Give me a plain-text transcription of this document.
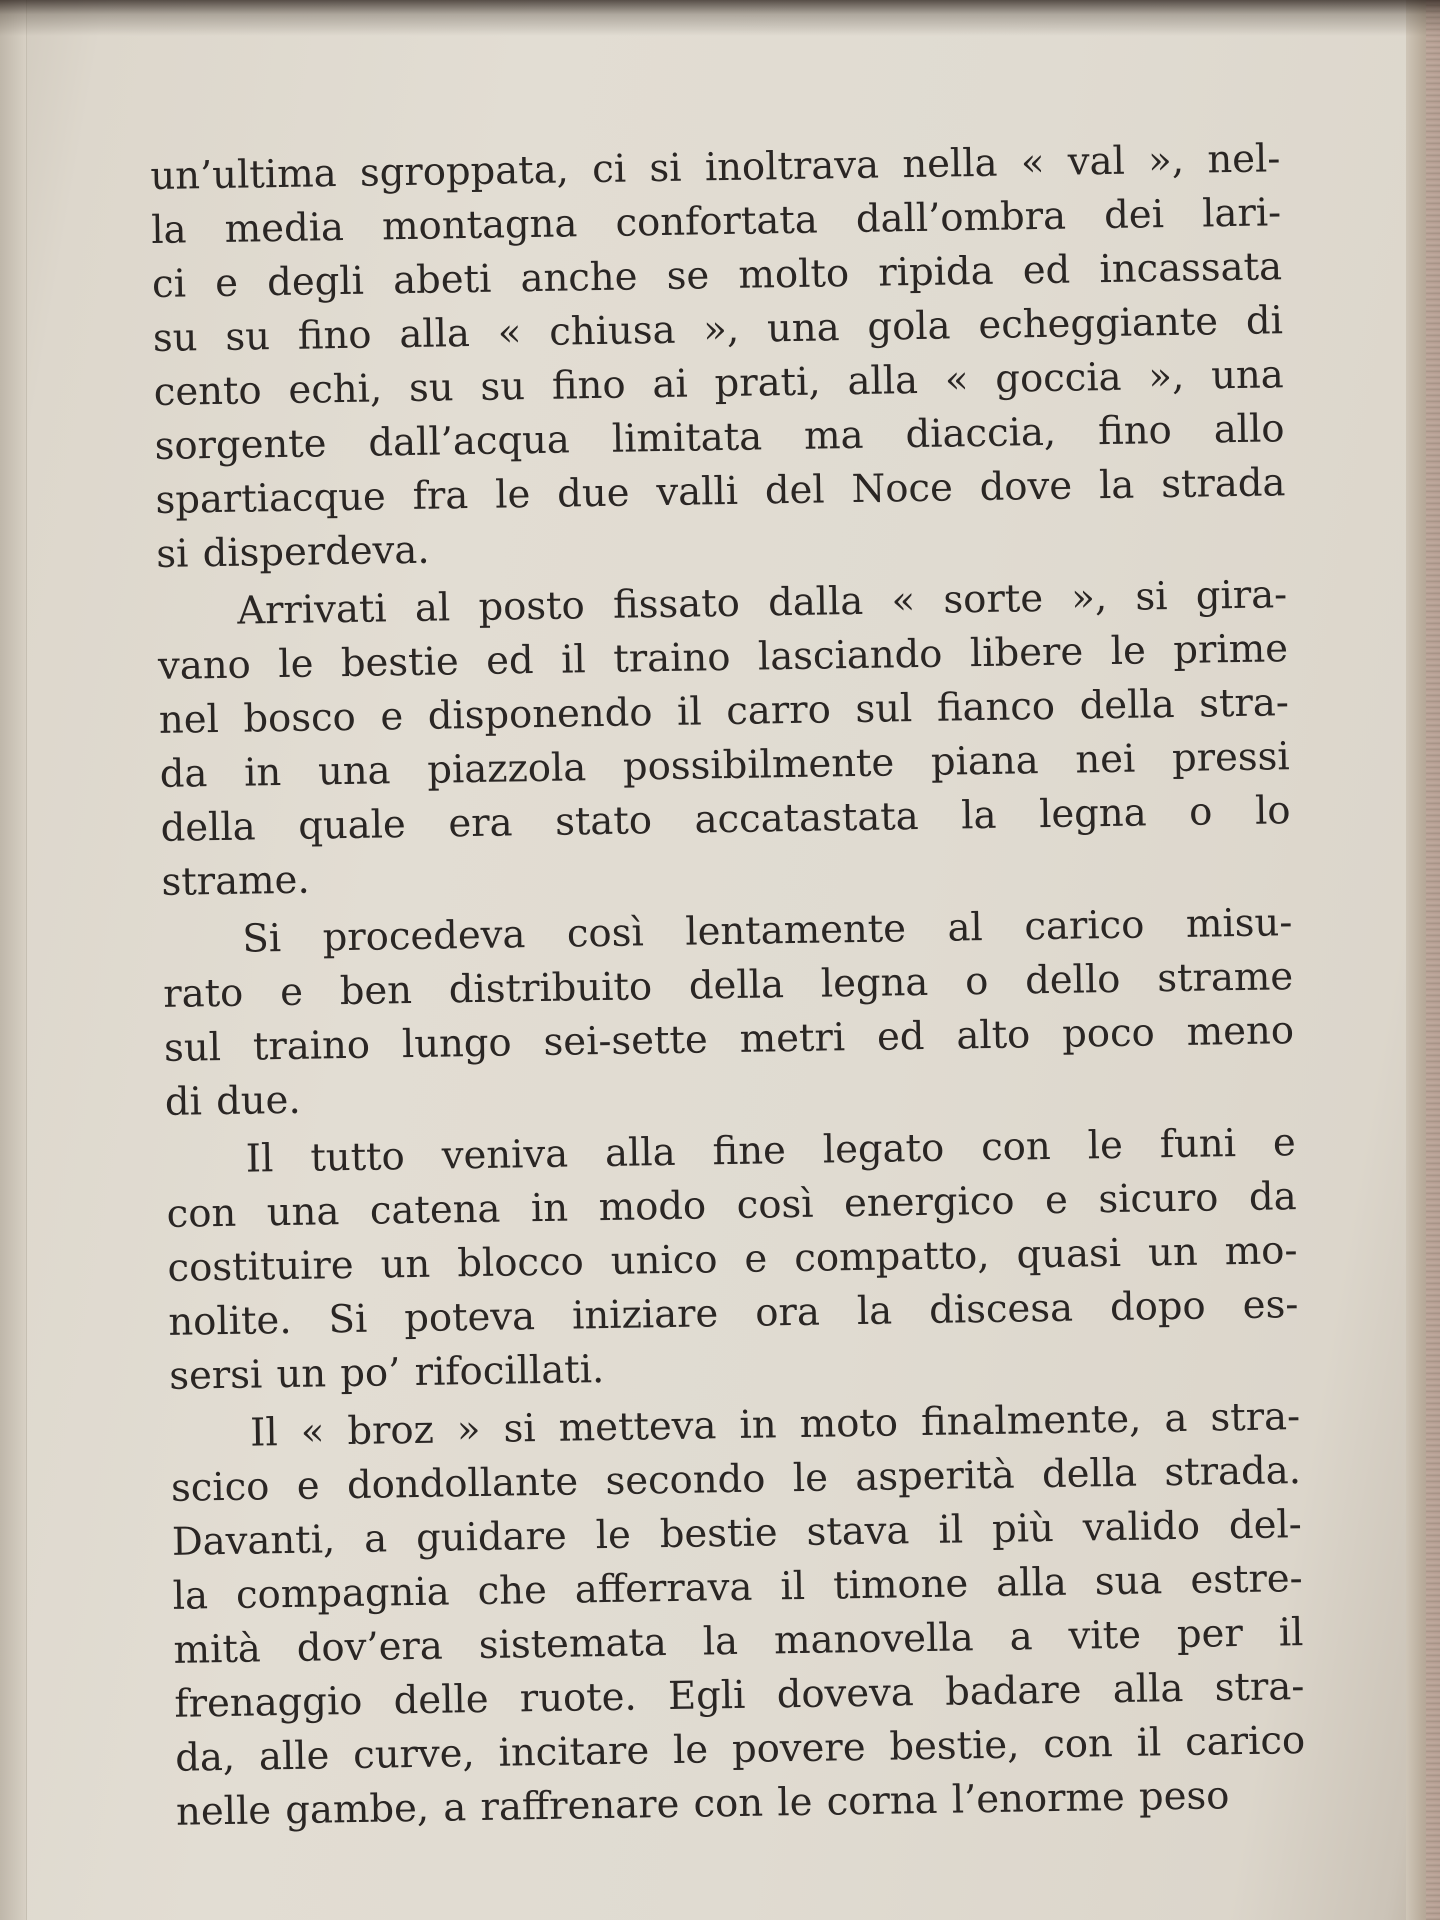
un’ultima sgroppata, ci si inoltrava nella « val », nel-
la media montagna confortata dall’ombra dei lari-
ci e degli abeti anche se molto ripida ed incassata
su su fino alla « chiusa », una gola echeggiante di
cento echi, su su fino ai prati, alla « goccia », una
sorgente dall’acqua limitata ma diaccia, fino allo
spartiacque fra le due valli del Noce dove la strada
si disperdeva.
Arrivati al posto fissato dalla « sorte », si gira-
vano le bestie ed il traino lasciando libere le prime
nel bosco e disponendo il carro sul fianco della stra-
da in una piazzola possibilmente piana nei pressi
della quale era stato accatastata la legna o lo
strame.
Si procedeva così lentamente al carico misu-
rato e ben distribuito della legna o dello strame
sul traino lungo sei-sette metri ed alto poco meno
di due.
Il tutto veniva alla fine legato con le funi e
con una catena in modo così energico e sicuro da
costituire un blocco unico e compatto, quasi un mo-
nolite. Si poteva iniziare ora la discesa dopo es-
sersi un po’ rifocillati.
Il « broz » si metteva in moto finalmente, a stra-
scico e dondollante secondo le asperità della strada.
Davanti, a guidare le bestie stava il più valido del-
la compagnia che afferrava il timone alla sua estre-
mità dov’era sistemata la manovella a vite per il
frenaggio delle ruote. Egli doveva badare alla stra-
da, alle curve, incitare le povere bestie, con il carico
nelle gambe, a raffrenare con le corna l’enorme peso
